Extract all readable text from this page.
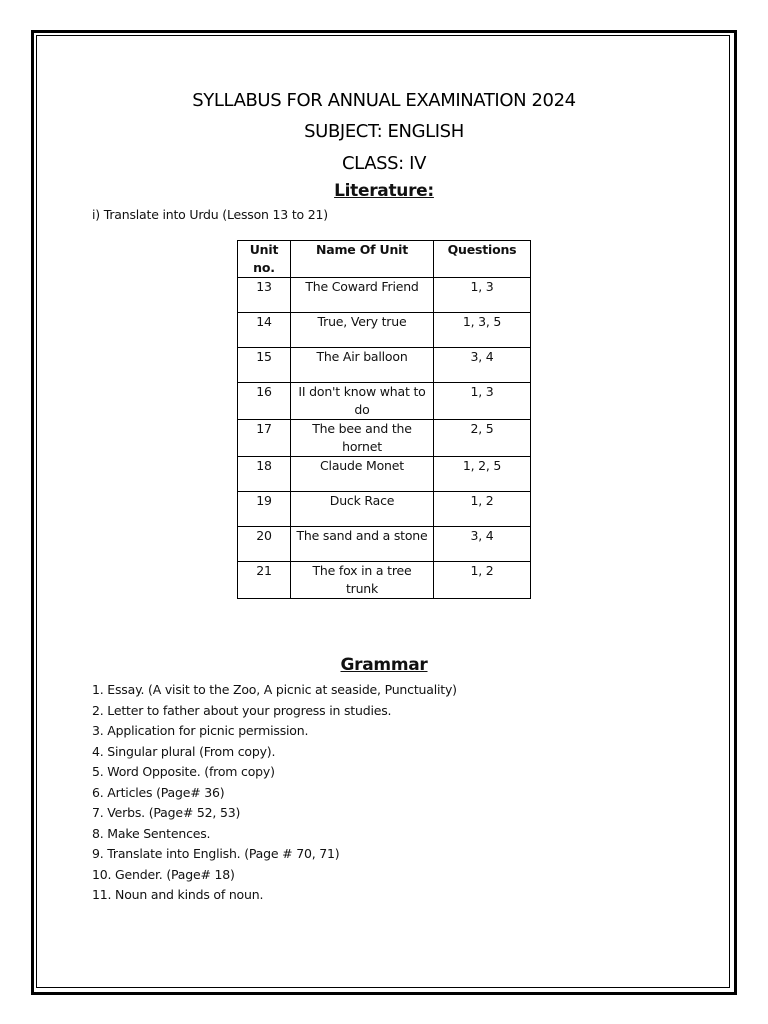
SYLLABUS FOR ANNUAL EXAMINATION 2024
SUBJECT: ENGLISH
CLASS: IV
Literature:
i) Translate into Urdu (Lesson 13 to 21)
Unit no.	Name Of Unit	Questions
13	The Coward Friend	1, 3
14	True, Very true	1, 3, 5
15	The Air balloon	3, 4
16	II don't know what to do	1, 3
17	The bee and the hornet	2, 5
18	Claude Monet	1, 2, 5
19	Duck Race	1, 2
20	The sand and a stone	3, 4
21	The fox in a tree trunk	1, 2
Grammar
1. Essay. (A visit to the Zoo, A picnic at seaside, Punctuality)
2. Letter to father about your progress in studies.
3. Application for picnic permission.
4. Singular plural (From copy).
5. Word Opposite. (from copy)
6. Articles (Page# 36)
7. Verbs. (Page# 52, 53)
8. Make Sentences.
9. Translate into English. (Page # 70, 71)
10. Gender. (Page# 18)
11. Noun and kinds of noun.
